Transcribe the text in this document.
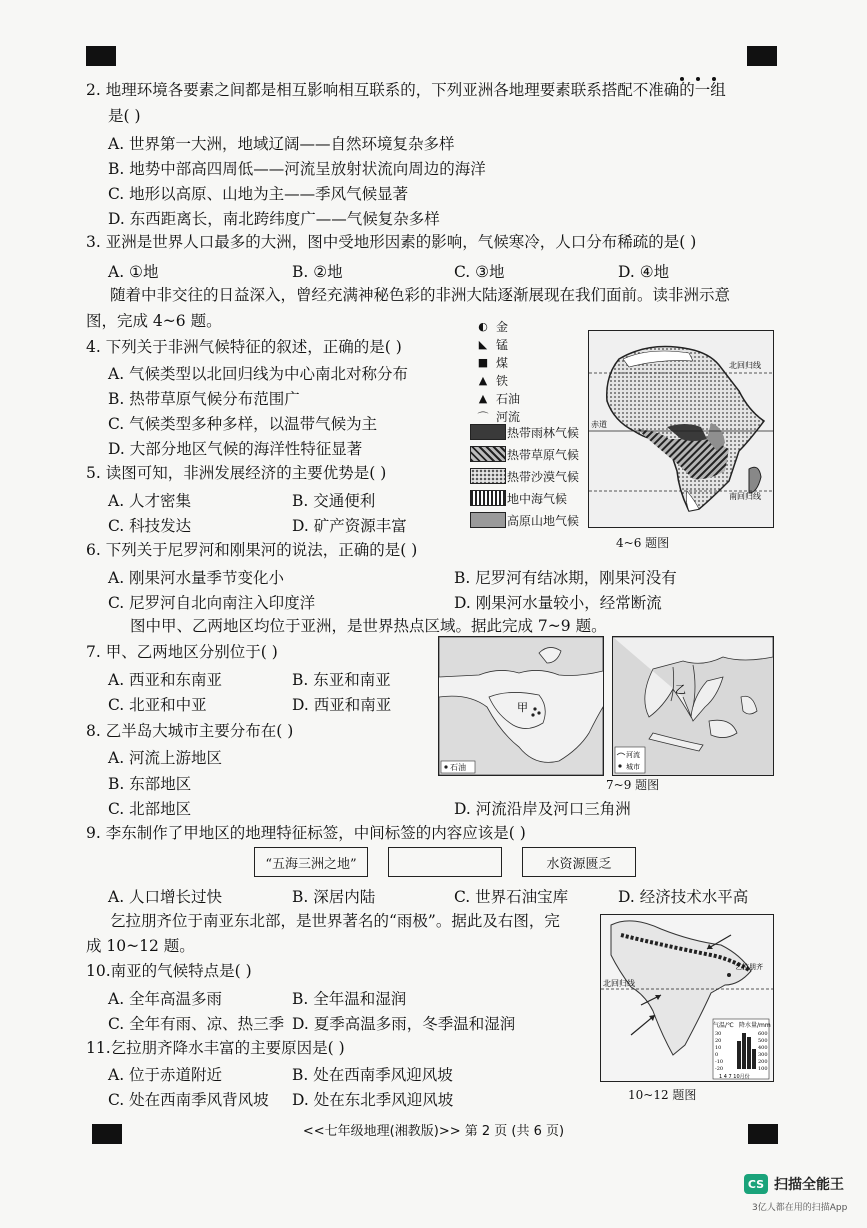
2. 地理环境各要素之间都是相互影响相互联系的，下列亚洲各地理要素联系搭配不准确的一组
是( )
A. 世界第一大洲，地域辽阔——自然环境复杂多样
B. 地势中部高四周低——河流呈放射状流向周边的海洋
C. 地形以高原、山地为主——季风气候显著
D. 东西距离长，南北跨纬度广——气候复杂多样
3. 亚洲是世界人口最多的大洲，图中受地形因素的影响，气候寒冷，人口分布稀疏的是( )
A. ①地	B. ②地	C. ③地	D. ④地
随着中非交往的日益深入，曾经充满神秘色彩的非洲大陆逐渐展现在我们面前。读非洲示意
图，完成 4~6 题。
4. 下列关于非洲气候特征的叙述，正确的是( )
A. 气候类型以北回归线为中心南北对称分布
B. 热带草原气候分布范围广
C. 气候类型多种多样，以温带气候为主
D. 大部分地区气候的海洋性特征显著
5. 读图可知，非洲发展经济的主要优势是( )
A. 人才密集	B. 交通便利
C. 科技发达	D. 矿产资源丰富
◐ 金
◣ 锰
■ 煤
▲ 铁
▲ 石油
⌒ 河流
热带雨林气候
热带草原气候
热带沙漠气候
地中海气候
高原山地气候
北回归线
赤道
南回归线
4~6 题图
6. 下列关于尼罗河和刚果河的说法，正确的是( )
A. 刚果河水量季节变化小	B. 尼罗河有结冰期，刚果河没有
C. 尼罗河自北向南注入印度洋	D. 刚果河水量较小，经常断流
图中甲、乙两地区均位于亚洲，是世界热点区域。据此完成 7~9 题。
7. 甲、乙两地区分别位于( )
A. 西亚和东南亚	B. 东亚和南亚
C. 北亚和中亚	D. 西亚和南亚	甲
石油
乙
河流
城市
7~9 题图
8. 乙半岛大城市主要分布在( )
A. 河流上游地区
B. 东部地区
C. 北部地区	D. 河流沿岸及河口三角洲
9. 李东制作了甲地区的地理特征标签，中间标签的内容应该是( )
“五海三洲之地”	水资源匮乏
A. 人口增长过快	B. 深居内陆	C. 世界石油宝库	D. 经济技术水平高
乞拉朋齐位于南亚东北部，是世界著名的“雨极”。据此及右图，完
成 10~12 题。
10.南亚的气候特点是( )
A. 全年高温多雨	B. 全年温和湿润
C. 全年有雨、凉、热三季 D. 夏季高温多雨，冬季温和湿润
11.乞拉朋齐降水丰富的主要原因是( )
A. 位于赤道附近	B. 处在西南季风迎风坡
C. 处在西南季风背风坡 D. 处在东北季风迎风坡
北回归线
乞拉朋齐
气温/℃ 降水量/mm
30
20
10
0
-10
-20
600
500
400
300
200
100
1 4 7 10月份
10~12 题图
<<七年级地理(湘教版)>> 第 2 页 (共 6 页)
CS 扫描全能王
3亿人都在用的扫描App
